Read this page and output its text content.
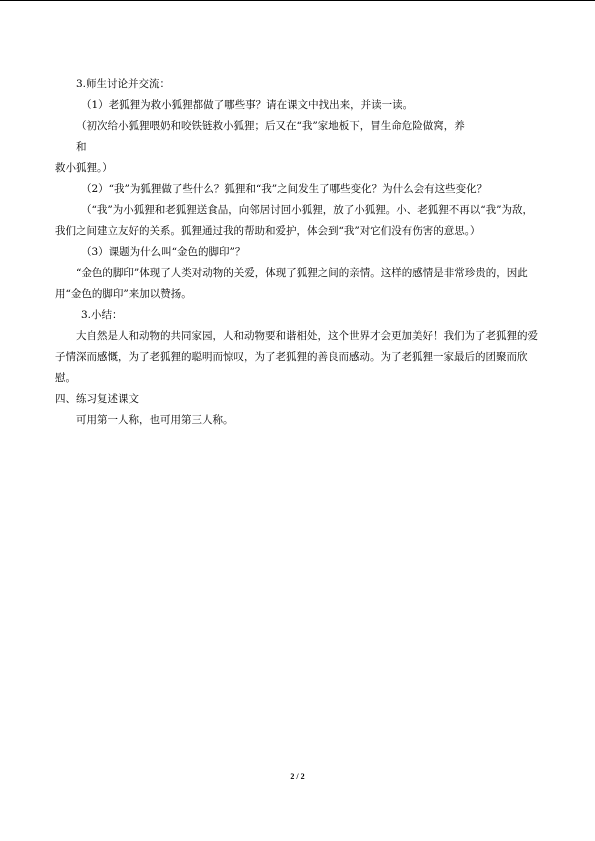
3.师生讨论并交流：

（1）老狐狸为救小狐狸都做了哪些事？请在课文中找出来，并读一读。

（初次给小狐狸喂奶和咬铁链救小狐狸；后又在“我”家地板下，冒生命危险做窝，养

和

救小狐狸。）

（2）“我”为狐狸做了些什么？狐狸和“我”之间发生了哪些变化？为什么会有这些变化？

（“我”为小狐狸和老狐狸送食品，向邻居讨回小狐狸，放了小狐狸。小、老狐狸不再以“我”为敌，我们之间建立友好的关系。狐狸通过我的帮助和爱护，体会到“我”对它们没有伤害的意思。）

（3）课题为什么叫“金色的脚印”？

“金色的脚印”体现了人类对动物的关爱，体现了狐狸之间的亲情。这样的感情是非常珍贵的，因此用“金色的脚印”来加以赞扬。

3.小结：

大自然是人和动物的共同家园，人和动物要和谐相处，这个世界才会更加美好！我们为了老狐狸的爱子情深而感慨，为了老狐狸的聪明而惊叹，为了老狐狸的善良而感动。为了老狐狸一家最后的团聚而欣慰。

四、练习复述课文

可用第一人称，也可用第三人称。

2 / 2
